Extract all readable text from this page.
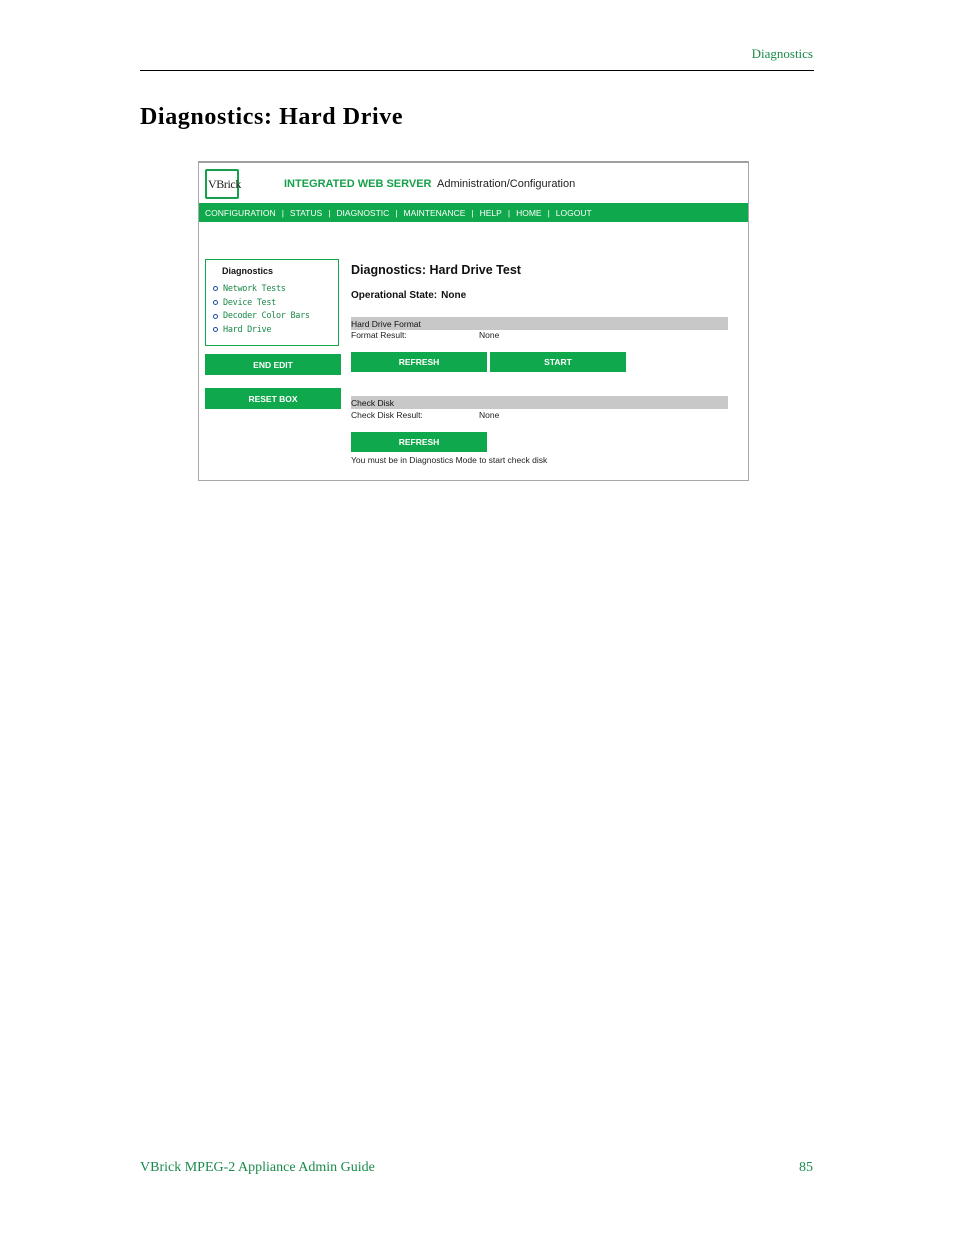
Diagnostics
Diagnostics: Hard Drive
VBrick	INTEGRATED WEB SERVER Administration/Configuration
CONFIGURATION | STATUS | DIAGNOSTIC | MAINTENANCE | HELP | HOME | LOGOUT
Diagnostics
Network Tests
Device Test
Decoder Color Bars
Hard Drive
END EDIT
RESET BOX
Diagnostics: Hard Drive Test
Operational State: None
Hard Drive Format
Format Result:	None
REFRESH	START
Check Disk
Check Disk Result:	None
REFRESH
You must be in Diagnostics Mode to start check disk
VBrick MPEG-2 Appliance Admin Guide	85
